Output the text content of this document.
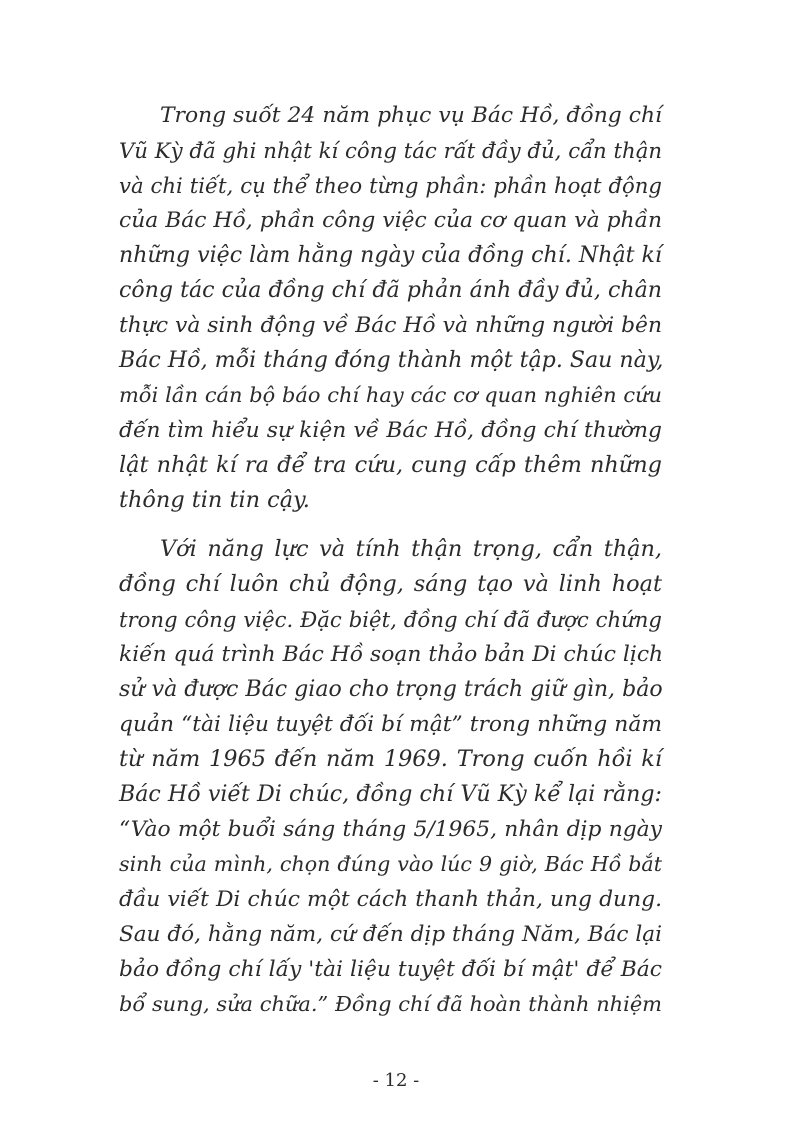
Trong suốt 24 năm phục vụ Bác Hồ, đồng chí
Vũ Kỳ đã ghi nhật kí công tác rất đầy đủ, cẩn thận
và chi tiết, cụ thể theo từng phần: phần hoạt động
của Bác Hồ, phần công việc của cơ quan và phần
những việc làm hằng ngày của đồng chí. Nhật kí
công tác của đồng chí đã phản ánh đầy đủ, chân
thực và sinh động về Bác Hồ và những người bên
Bác Hồ, mỗi tháng đóng thành một tập. Sau này,
mỗi lần cán bộ báo chí hay các cơ quan nghiên cứu
đến tìm hiểu sự kiện về Bác Hồ, đồng chí thường
lật nhật kí ra để tra cứu, cung cấp thêm những
thông tin tin cậy.
Với năng lực và tính thận trọng, cẩn thận,
đồng chí luôn chủ động, sáng tạo và linh hoạt
trong công việc. Đặc biệt, đồng chí đã được chứng
kiến quá trình Bác Hồ soạn thảo bản Di chúc lịch
sử và được Bác giao cho trọng trách giữ gìn, bảo
quản “tài liệu tuyệt đối bí mật” trong những năm
từ năm 1965 đến năm 1969. Trong cuốn hồi kí
Bác Hồ viết Di chúc, đồng chí Vũ Kỳ kể lại rằng:
“Vào một buổi sáng tháng 5/1965, nhân dịp ngày
sinh của mình, chọn đúng vào lúc 9 giờ, Bác Hồ bắt
đầu viết Di chúc một cách thanh thản, ung dung.
Sau đó, hằng năm, cứ đến dịp tháng Năm, Bác lại
bảo đồng chí lấy 'tài liệu tuyệt đối bí mật' để Bác
bổ sung, sửa chữa.” Đồng chí đã hoàn thành nhiệm
- 12 -
